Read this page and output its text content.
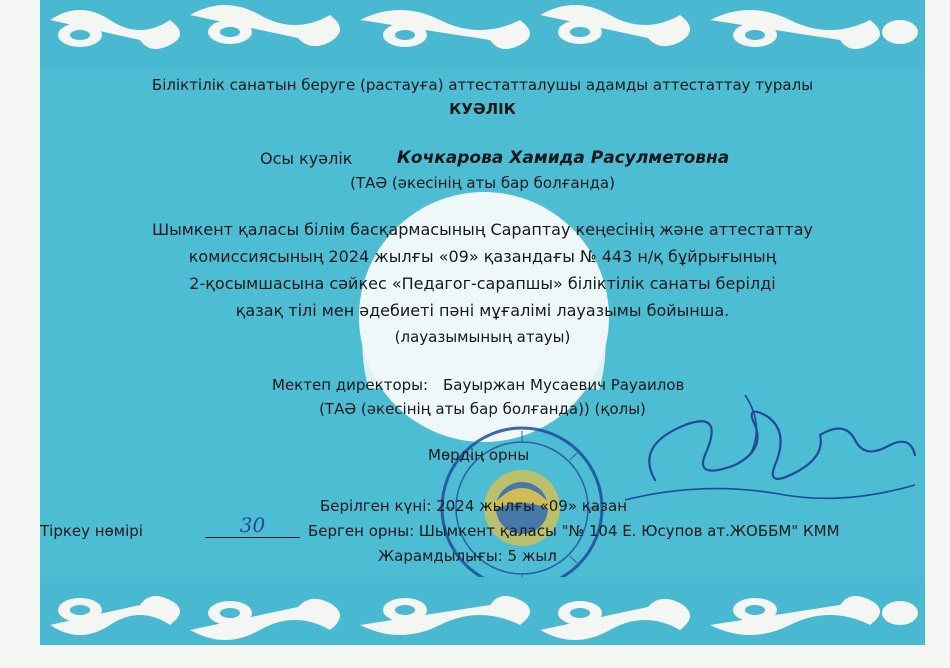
Біліктілік санатын беруге (растауға) аттестатталушы адамды аттестаттау туралы
КУӘЛІК
Осы куәлік	Кочкарова Хамида Расулметовна
(ТАӘ (әкесінің аты бар болғанда)
Шымкент қаласы білім басқармасының Сараптау кеңесінің және аттестаттау
комиссиясының 2024 жылғы «09» қазандағы № 443 н/қ бұйрығының
2-қосымшасына сәйкес «Педагог-сарапшы» біліктілік санаты берілді
қазақ тілі мен әдебиеті пәні мұғалімі лауазымы бойынша.
(лауазымының атауы)
Мектеп директоры: Бауыржан Мусаевич Рауаилов
(ТАӘ (әкесінің аты бар болғанда)) (қолы)
Мөрдің орны
Берілген күні: 2024 жылғы «09» қазан
Тіркеу нөмірі	30	Берген орны: Шымкент қаласы "№ 104 Е. Юсупов ат.ЖОББМ" КММ
Жарамдылығы: 5 жыл
